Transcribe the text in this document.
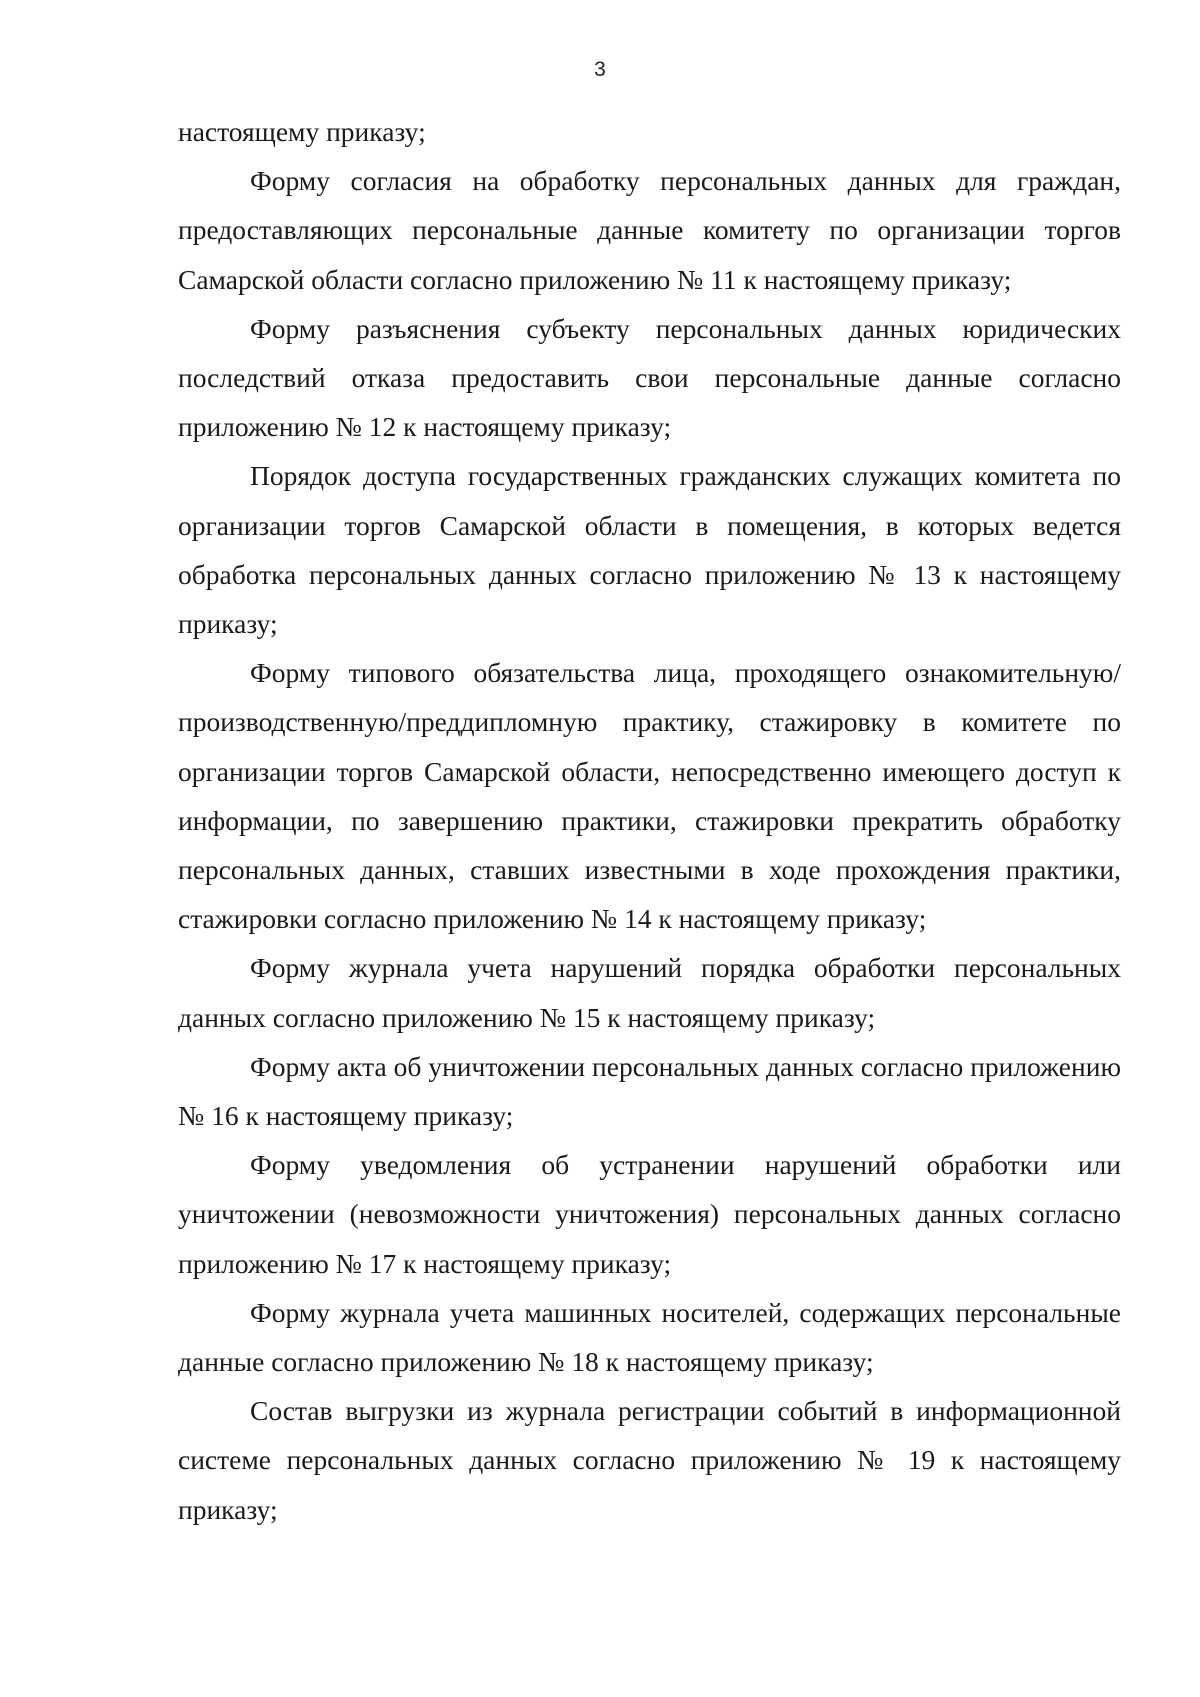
3

настоящему приказу;

Форму согласия на обработку персональных данных для граждан, предоставляющих персональные данные комитету по организации торгов Самарской области согласно приложению № 11 к настоящему приказу;

Форму разъяснения субъекту персональных данных юридических последствий отказа предоставить свои персональные данные согласно приложению № 12 к настоящему приказу;

Порядок доступа государственных гражданских служащих комитета по организации торгов Самарской области в помещения, в которых ведется обработка персональных данных согласно приложению № 13 к настоящему приказу;

Форму типового обязательства лица, проходящего ознакомительную/производственную/преддипломную практику, стажировку в комитете по организации торгов Самарской области, непосредственно имеющего доступ к информации, по завершению практики, стажировки прекратить обработку персональных данных, ставших известными в ходе прохождения практики, стажировки согласно приложению № 14 к настоящему приказу;

Форму журнала учета нарушений порядка обработки персональных данных согласно приложению № 15 к настоящему приказу;

Форму акта об уничтожении персональных данных согласно приложению № 16 к настоящему приказу;

Форму уведомления об устранении нарушений обработки или уничтожении (невозможности уничтожения) персональных данных согласно приложению № 17 к настоящему приказу;

Форму журнала учета машинных носителей, содержащих персональные данные согласно приложению № 18 к настоящему приказу;

Состав выгрузки из журнала регистрации событий в информационной системе персональных данных согласно приложению № 19 к настоящему приказу;
